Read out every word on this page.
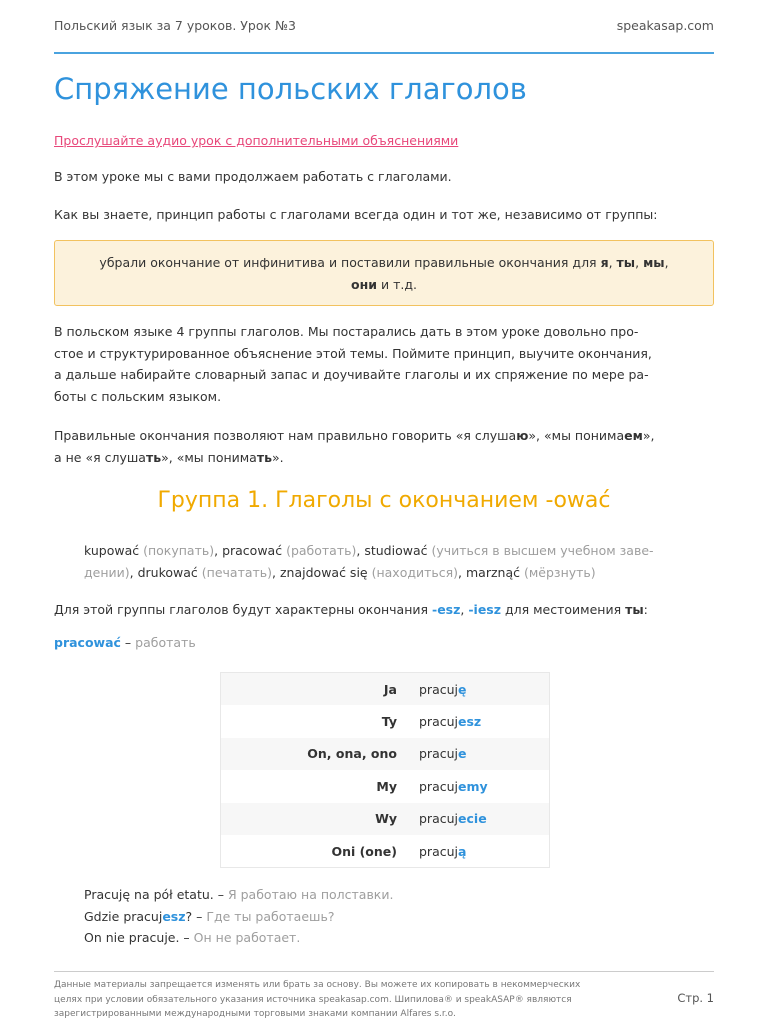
Польский язык за 7 уроков. Урок №3	speakasap.com
Спряжение польских глаголов
Прослушайте аудио урок с дополнительными объяснениями

В этом уроке мы с вами продолжаем работать с глаголами.

Как вы знаете, принцип работы с глаголами всегда один и тот же, независимо от группы:

убрали окончание от инфинитива и поставили правильные окончания для я, ты, мы,
они и т.д.
В польском языке 4 группы глаголов. Мы постарались дать в этом уроке довольно про-
стое и структурированное объяснение этой темы. Поймите принцип, выучите окончания,
а дальше набирайте словарный запас и доучивайте глаголы и их спряжение по мере ра-
боты с польским языком.
Правильные окончания позволяют нам правильно говорить «я слушаю», «мы понимаем»,
а не «я слушать», «мы понимать».
Группа 1. Глаголы с окончанием -ować
kupować (покупать), pracować (работать), studiować (учиться в высшем учебном заве-
дении), drukować (печатать), znajdować się (находиться), marznąć (мёрзнуть)

Для этой группы глаголов будут характерны окончания -esz, -iesz для местоимения ты:

pracować – работать
Ja	pracuję
Ty	pracujesz
On, ona, ono	pracuje
My	pracujemy
Wy	pracujecie
Oni (one)	pracują
Pracuję na pół etatu. – Я работаю на полставки.
Gdzie pracujesz? – Где ты работаешь?
On nie pracuje. – Он не работает.
Данные материалы запрещается изменять или брать за основу. Вы можете их копировать в некоммерческих
целях при условии обязательного указания источника speakasap.com. Шипилова® и speakASAP® являются
зарегистрированными международными торговыми знаками компании Alfares s.r.o.
Стр. 1
